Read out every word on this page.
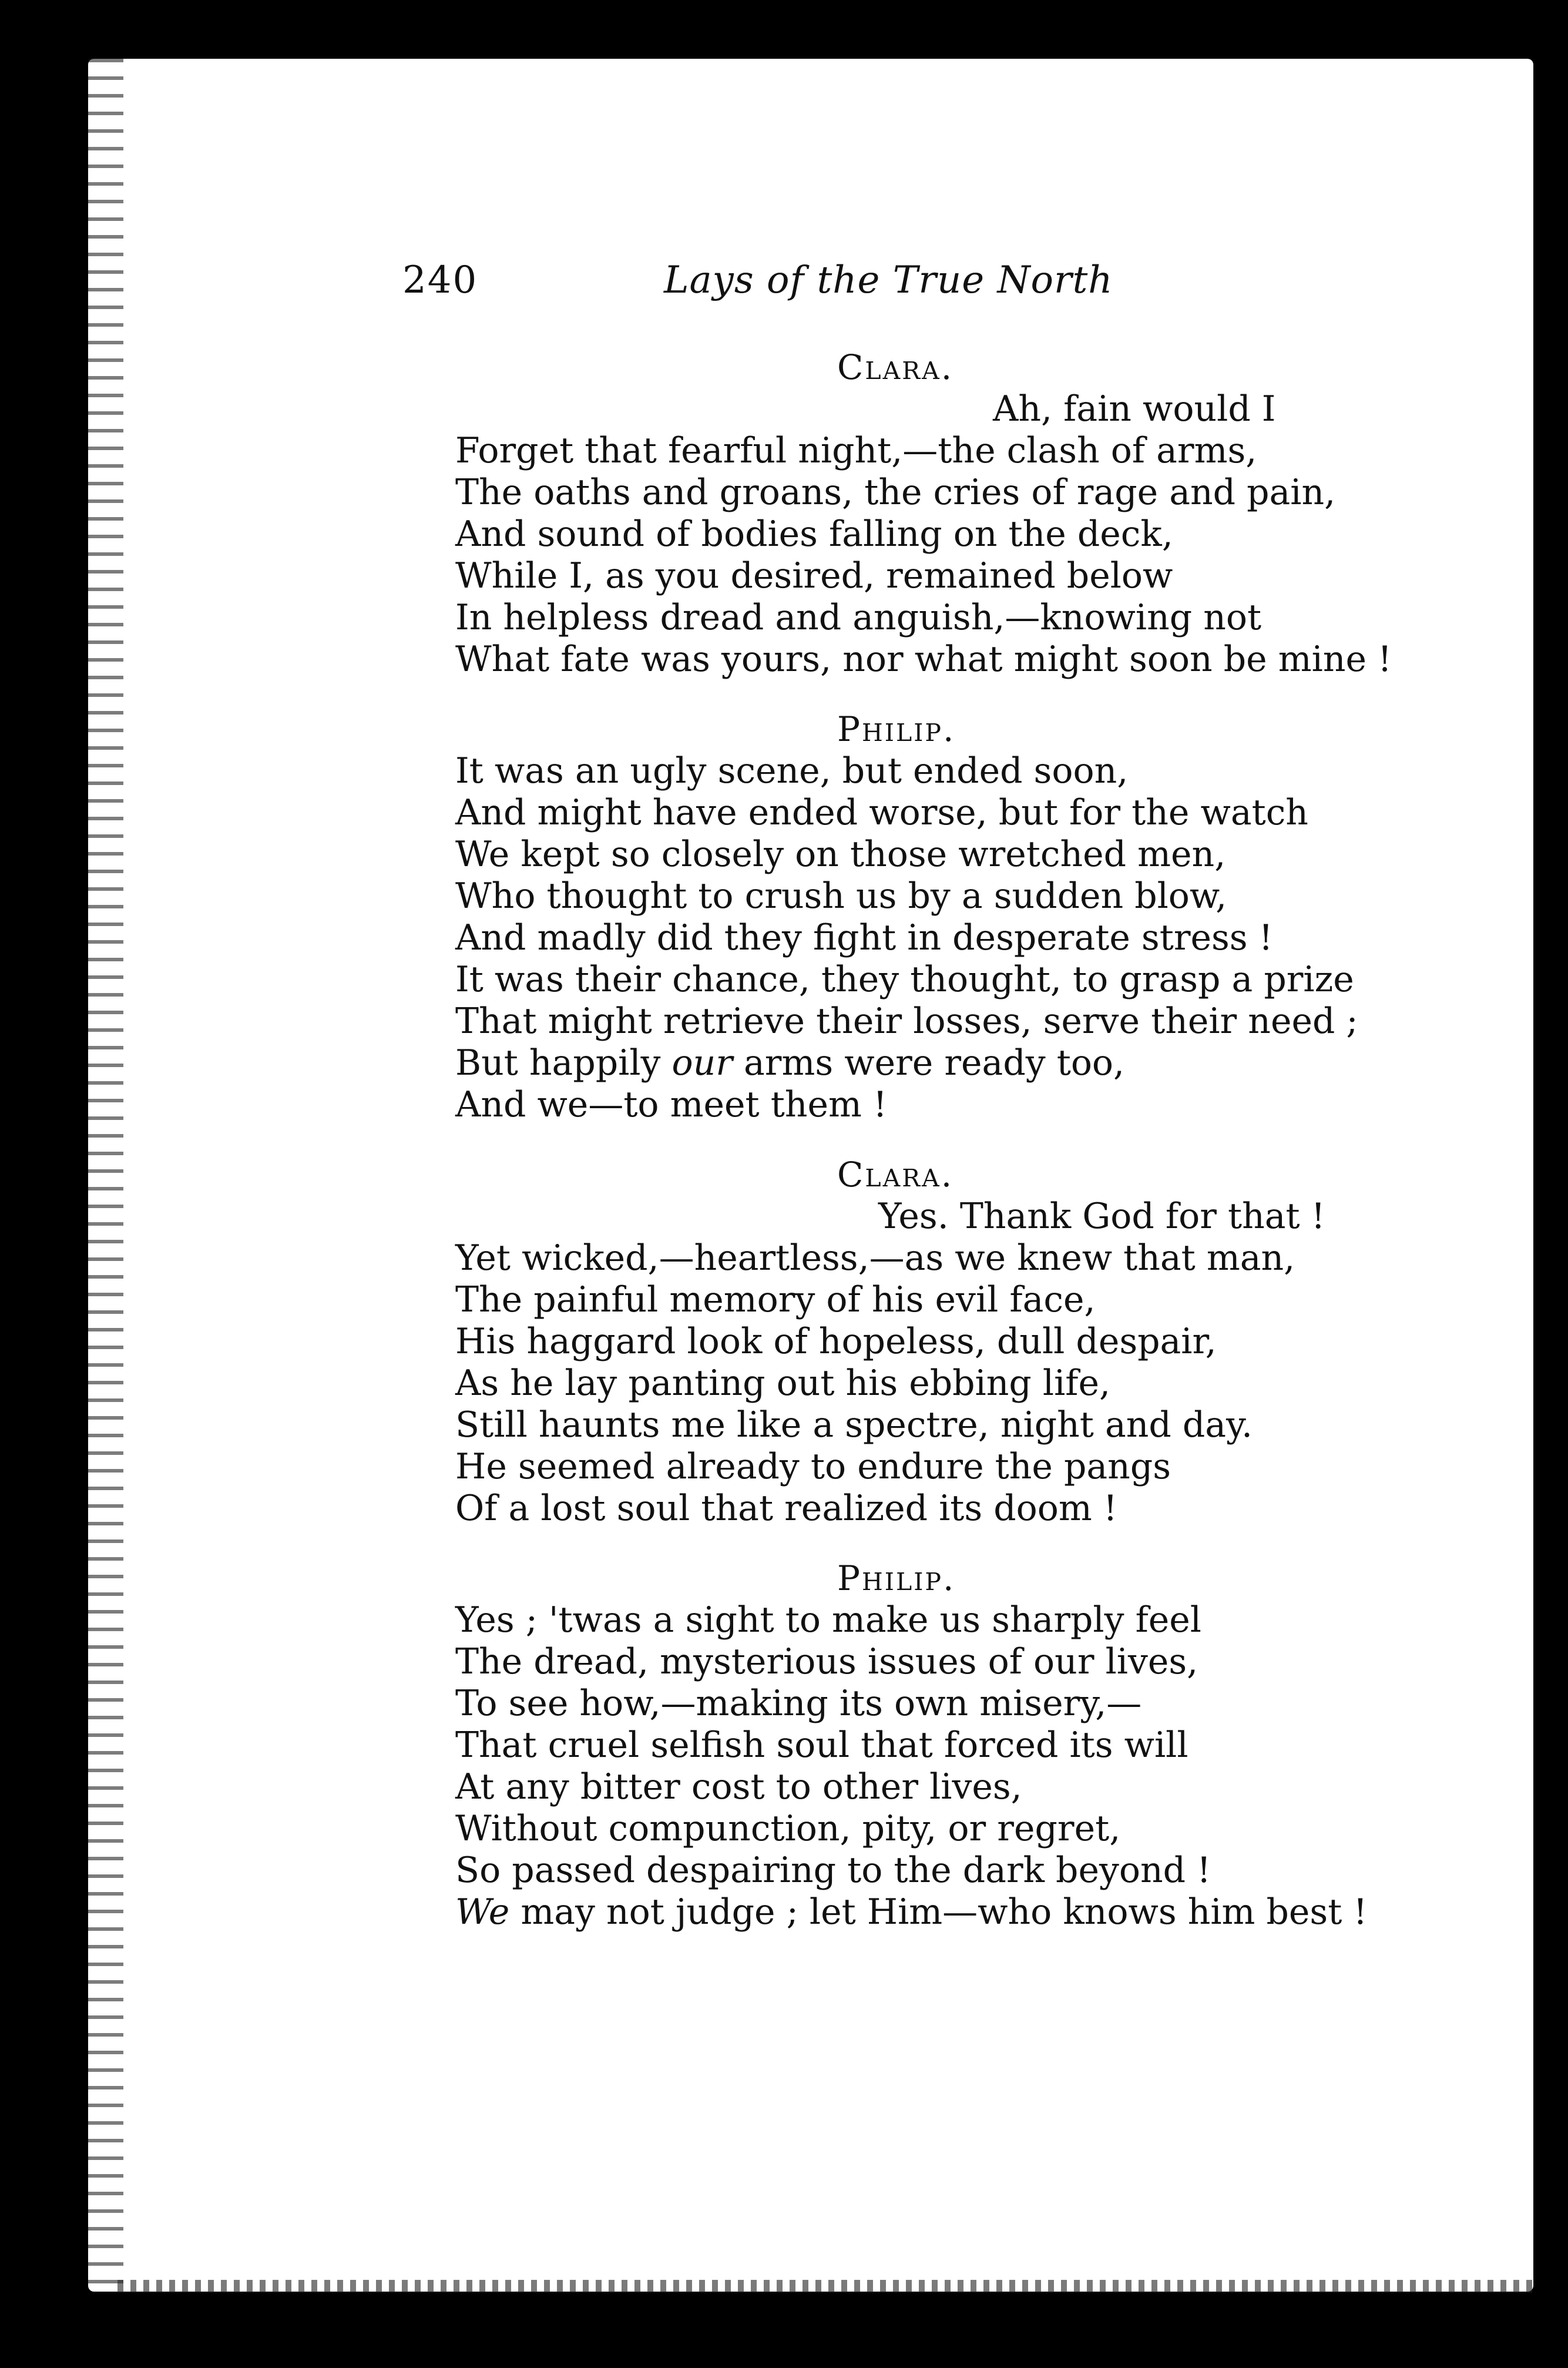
240	Lays of the True North
Clara.
Ah, fain would I
Forget that fearful night,—the clash of arms,
The oaths and groans, the cries of rage and pain,
And sound of bodies falling on the deck,
While I, as you desired, remained below
In helpless dread and anguish,—knowing not
What fate was yours, nor what might soon be mine !
Philip.
It was an ugly scene, but ended soon,
And might have ended worse, but for the watch
We kept so closely on those wretched men,
Who thought to crush us by a sudden blow,
And madly did they fight in desperate stress !
It was their chance, they thought, to grasp a prize
That might retrieve their losses, serve their need ;
But happily our arms were ready too,
And we—to meet them !
Clara.
Yes. Thank God for that !
Yet wicked,—heartless,—as we knew that man,
The painful memory of his evil face,
His haggard look of hopeless, dull despair,
As he lay panting out his ebbing life,
Still haunts me like a spectre, night and day.
He seemed already to endure the pangs
Of a lost soul that realized its doom !
Philip.
Yes ; 'twas a sight to make us sharply feel
The dread, mysterious issues of our lives,
To see how,—making its own misery,—
That cruel selfish soul that forced its will
At any bitter cost to other lives,
Without compunction, pity, or regret,
So passed despairing to the dark beyond !
We may not judge ; let Him—who knows him best !
